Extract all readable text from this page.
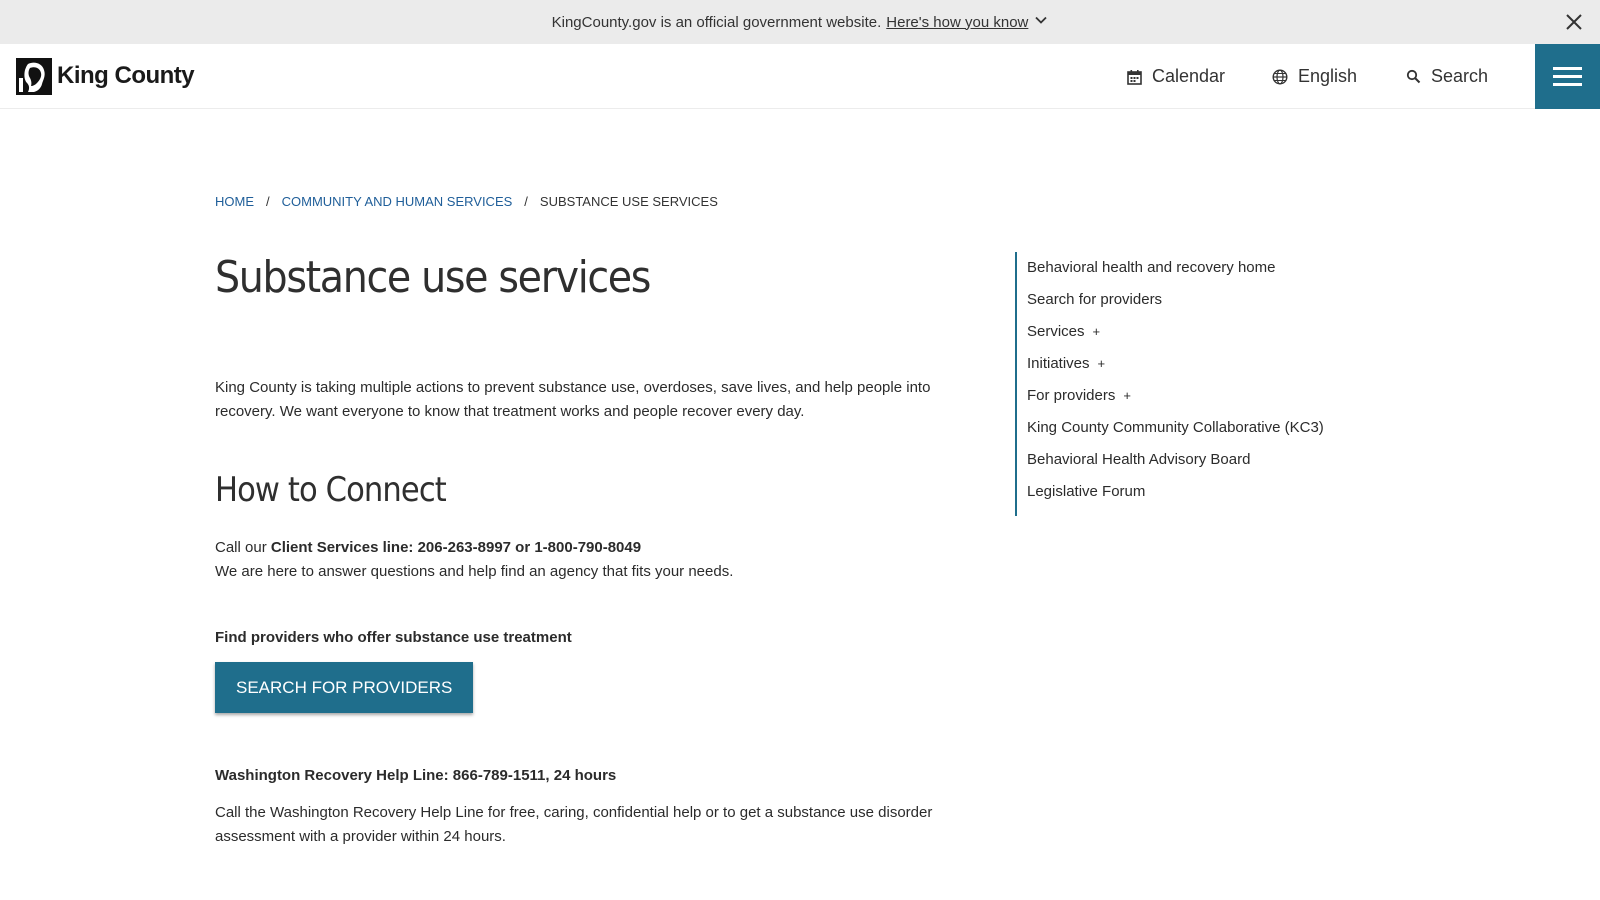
KingCounty.gov is an official government website. Here's how you know
King County	Calendar	English	Search
HOME / COMMUNITY AND HUMAN SERVICES / SUBSTANCE USE SERVICES
Substance use services

King County is taking multiple actions to prevent substance use, overdoses, save lives, and help people into recovery. We want everyone to know that treatment works and people recover every day.

How to Connect
Call our Client Services line: 206-263-8997 or 1-800-790-8049
We are here to answer questions and help find an agency that fits your needs.
Find providers who offer substance use treatment
SEARCH FOR PROVIDERS
Washington Recovery Help Line: 866-789-1511, 24 hours

Call the Washington Recovery Help Line for free, caring, confidential help or to get a substance use disorder assessment with a provider within 24 hours.

Behavioral health and recovery home
Search for providers
Services +
Initiatives +
For providers +
King County Community Collaborative (KC3)
Behavioral Health Advisory Board
Legislative Forum
